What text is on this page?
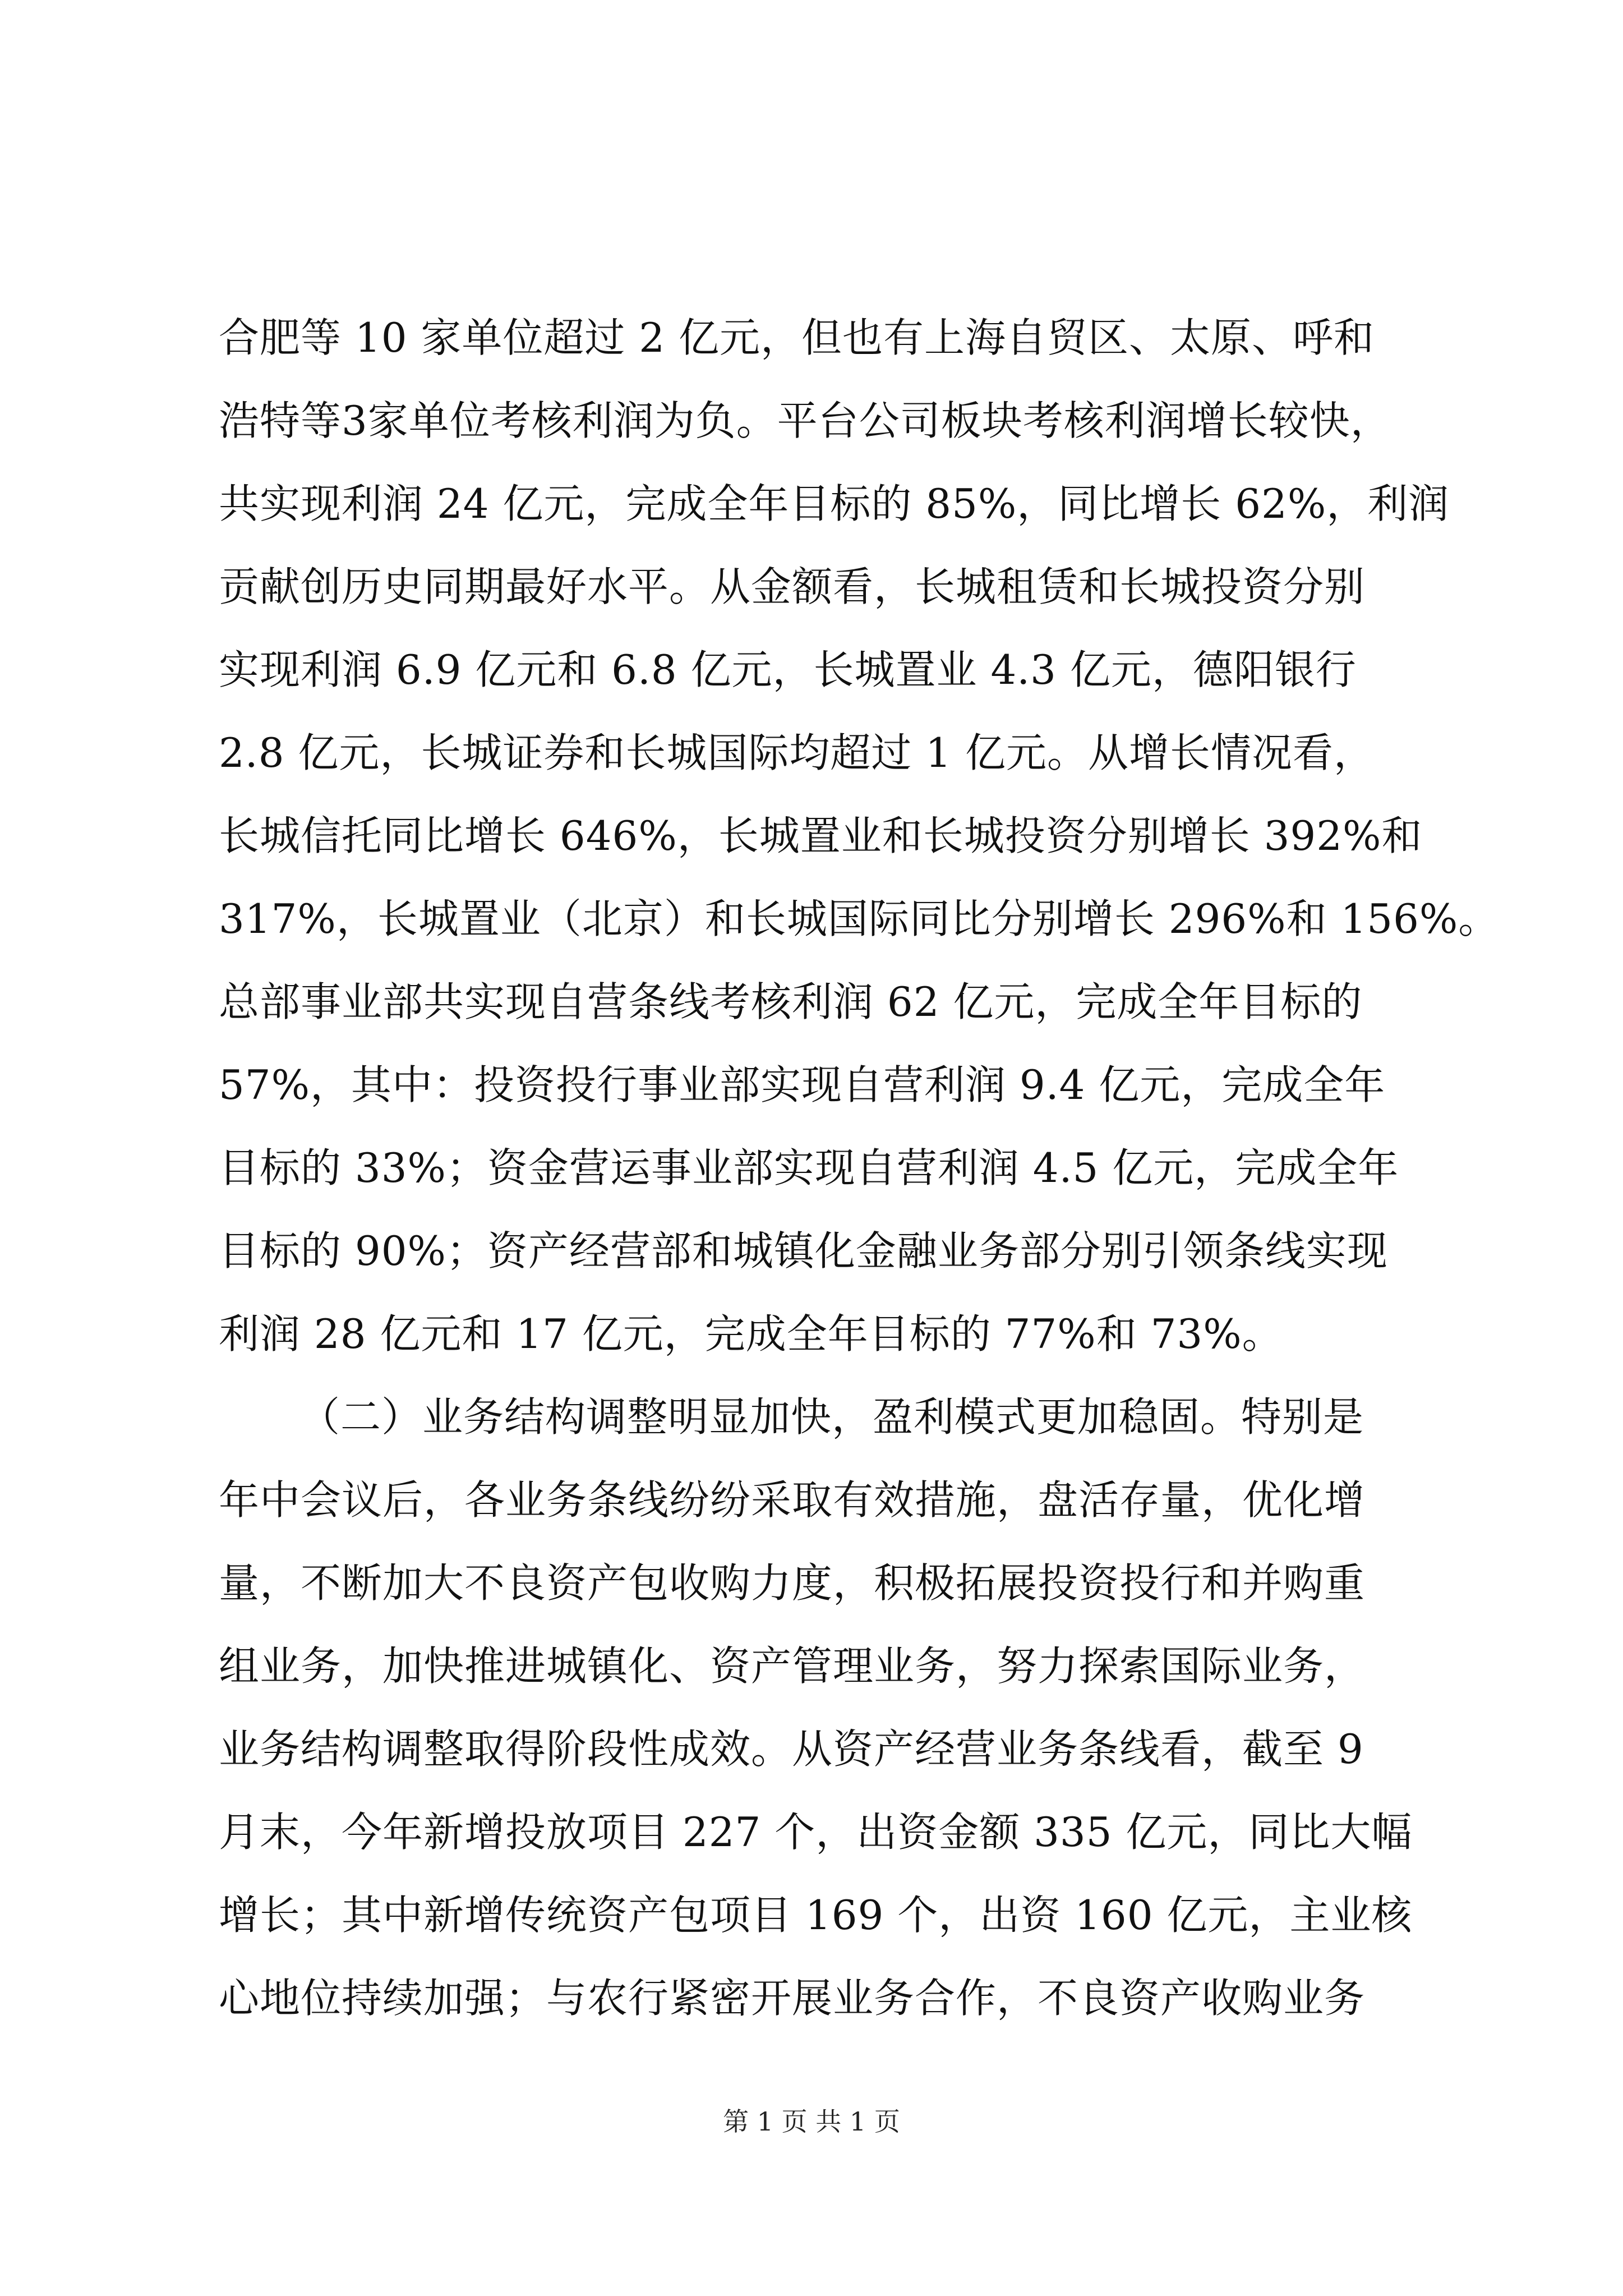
合肥等 10 家单位超过 2 亿元，但也有上海自贸区、太原、呼和
浩特等3家单位考核利润为负。平台公司板块考核利润增长较快，
共实现利润 24 亿元，完成全年目标的 85%，同比增长 62%，利润
贡献创历史同期最好水平。从金额看，长城租赁和长城投资分别
实现利润 6.9 亿元和 6.8 亿元，长城置业 4.3 亿元，德阳银行
2.8 亿元，长城证券和长城国际均超过 1 亿元。从增长情况看，
长城信托同比增长 646%，长城置业和长城投资分别增长 392%和
317%，长城置业（北京）和长城国际同比分别增长 296%和 156%。
总部事业部共实现自营条线考核利润 62 亿元，完成全年目标的
57%，其中：投资投行事业部实现自营利润 9.4 亿元，完成全年
目标的 33%；资金营运事业部实现自营利润 4.5 亿元，完成全年
目标的 90%；资产经营部和城镇化金融业务部分别引领条线实现
利润 28 亿元和 17 亿元，完成全年目标的 77%和 73%。
（二）业务结构调整明显加快，盈利模式更加稳固。特别是
年中会议后，各业务条线纷纷采取有效措施，盘活存量，优化增
量，不断加大不良资产包收购力度，积极拓展投资投行和并购重
组业务，加快推进城镇化、资产管理业务，努力探索国际业务，
业务结构调整取得阶段性成效。从资产经营业务条线看，截至 9
月末，今年新增投放项目 227 个，出资金额 335 亿元，同比大幅
增长；其中新增传统资产包项目 169 个，出资 160 亿元，主业核
心地位持续加强；与农行紧密开展业务合作，不良资产收购业务
第 1 页 共 1 页
